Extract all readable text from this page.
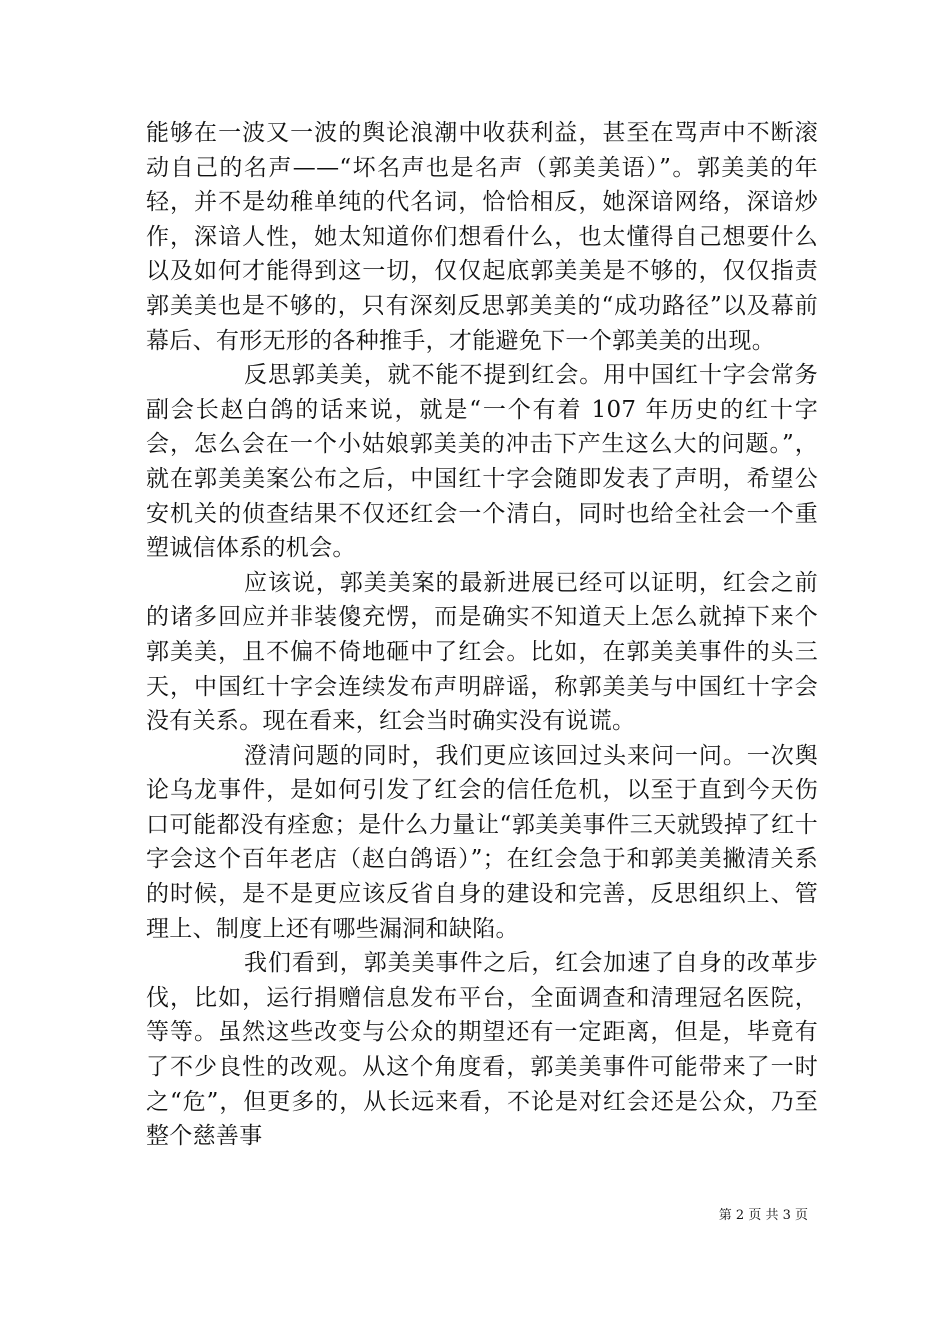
能够在一波又一波的舆论浪潮中收获利益，甚至在骂声中不断滚动自己的名声——“坏名声也是名声（郭美美语）”。郭美美的年轻，并不是幼稚单纯的代名词，恰恰相反，她深谙网络，深谙炒作，深谙人性，她太知道你们想看什么，也太懂得自己想要什么以及如何才能得到这一切，仅仅起底郭美美是不够的，仅仅指责郭美美也是不够的，只有深刻反思郭美美的“成功路径”以及幕前幕后、有形无形的各种推手，才能避免下一个郭美美的出现。

反思郭美美，就不能不提到红会。用中国红十字会常务副会长赵白鸽的话来说，就是“一个有着 107 年历史的红十字会，怎么会在一个小姑娘郭美美的冲击下产生这么大的问题。”，就在郭美美案公布之后，中国红十字会随即发表了声明，希望公安机关的侦查结果不仅还红会一个清白，同时也给全社会一个重塑诚信体系的机会。

应该说，郭美美案的最新进展已经可以证明，红会之前的诸多回应并非装傻充愣，而是确实不知道天上怎么就掉下来个郭美美，且不偏不倚地砸中了红会。比如，在郭美美事件的头三天，中国红十字会连续发布声明辟谣，称郭美美与中国红十字会没有关系。现在看来，红会当时确实没有说谎。

澄清问题的同时，我们更应该回过头来问一问。一次舆论乌龙事件，是如何引发了红会的信任危机，以至于直到今天伤口可能都没有痊愈；是什么力量让“郭美美事件三天就毁掉了红十字会这个百年老店（赵白鸽语）”；在红会急于和郭美美撇清关系的时候，是不是更应该反省自身的建设和完善，反思组织上、管理上、制度上还有哪些漏洞和缺陷。

我们看到，郭美美事件之后，红会加速了自身的改革步伐，比如，运行捐赠信息发布平台，全面调查和清理冠名医院，等等。虽然这些改变与公众的期望还有一定距离，但是，毕竟有了不少良性的改观。从这个角度看，郭美美事件可能带来了一时之“危”，但更多的，从长远来看，不论是对红会还是公众，乃至整个慈善事

第 2 页 共 3 页
